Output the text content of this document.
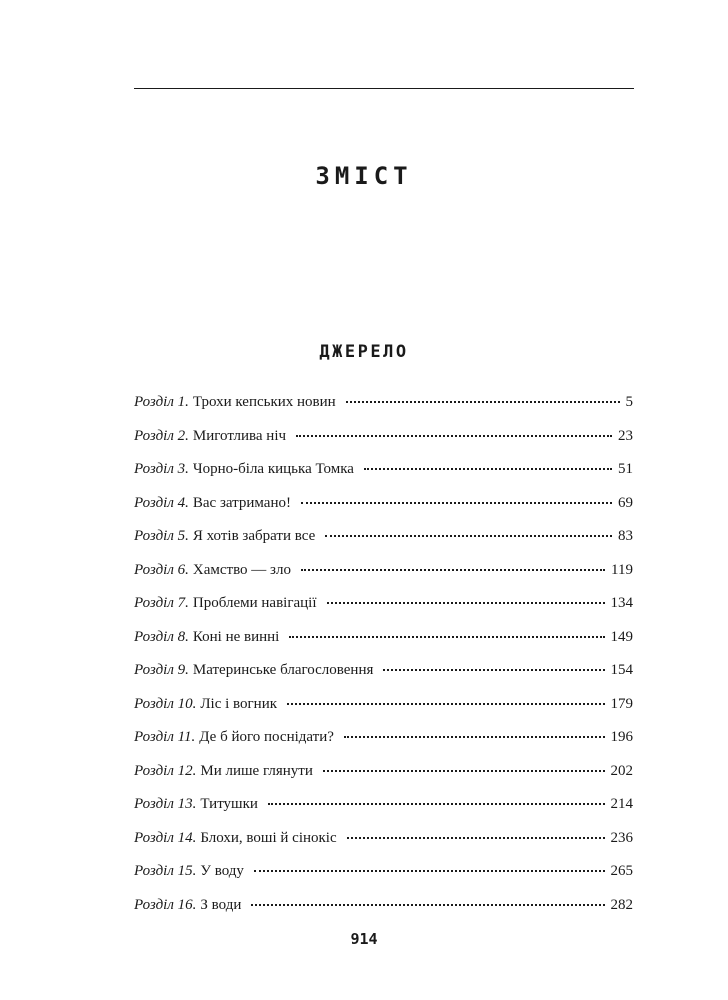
ЗМІСТ
ДЖЕРЕЛО
Розділ 1. Трохи кепських новин	5
Розділ 2. Миготлива ніч	23
Розділ 3. Чорно-біла кицька Томка	51
Розділ 4. Вас затримано!	69
Розділ 5. Я хотів забрати все	83
Розділ 6. Хамство — зло	119
Розділ 7. Проблеми навігації	134
Розділ 8. Коні не винні	149
Розділ 9. Материнське благословення	154
Розділ 10. Ліс і вогник	179
Розділ 11. Де б його поснідати?	196
Розділ 12. Ми лише глянути	202
Розділ 13. Титушки	214
Розділ 14. Блохи, воші й сінокіс	236
Розділ 15. У воду	265
Розділ 16. З води	282
914
